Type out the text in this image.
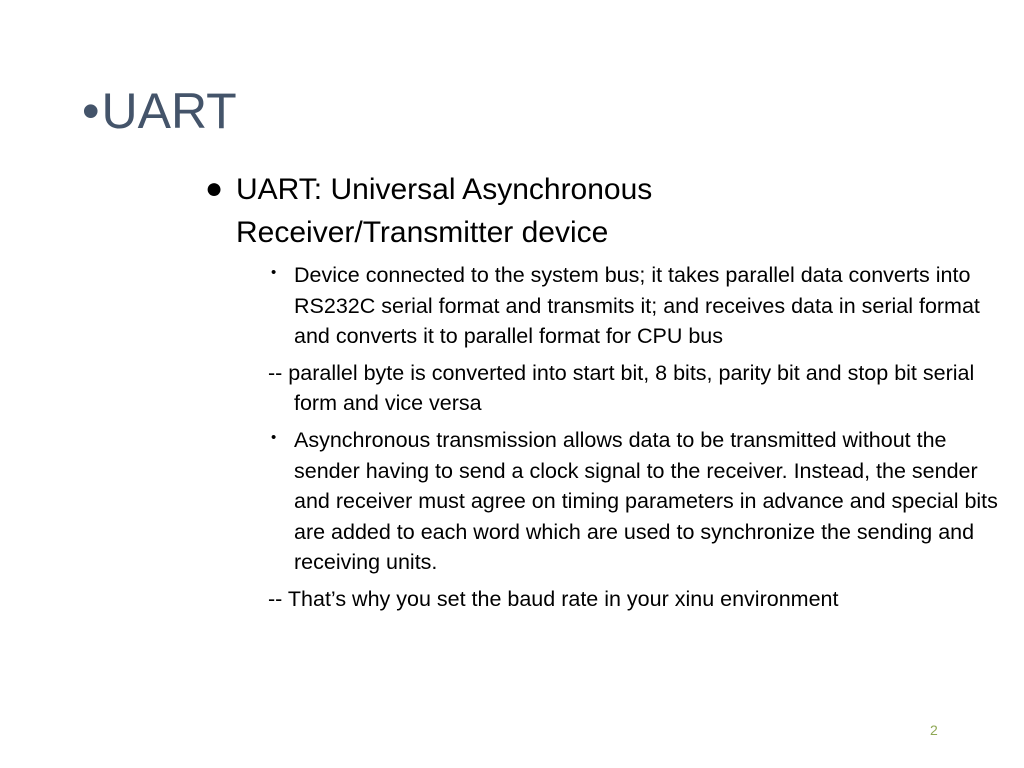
•UART
● UART: Universal Asynchronous Receiver/Transmitter device
• Device connected to the system bus; it takes parallel data converts into RS232C serial format and transmits it; and receives data in serial format and converts it to parallel format for CPU bus
-- parallel byte is converted into start bit, 8 bits, parity bit and stop bit serial form and vice versa
• Asynchronous transmission allows data to be transmitted without the sender having to send a clock signal to the receiver. Instead, the sender and receiver must agree on timing parameters in advance and special bits are added to each word which are used to synchronize the sending and receiving units.
-- That’s why you set the baud rate in your xinu environment
2
